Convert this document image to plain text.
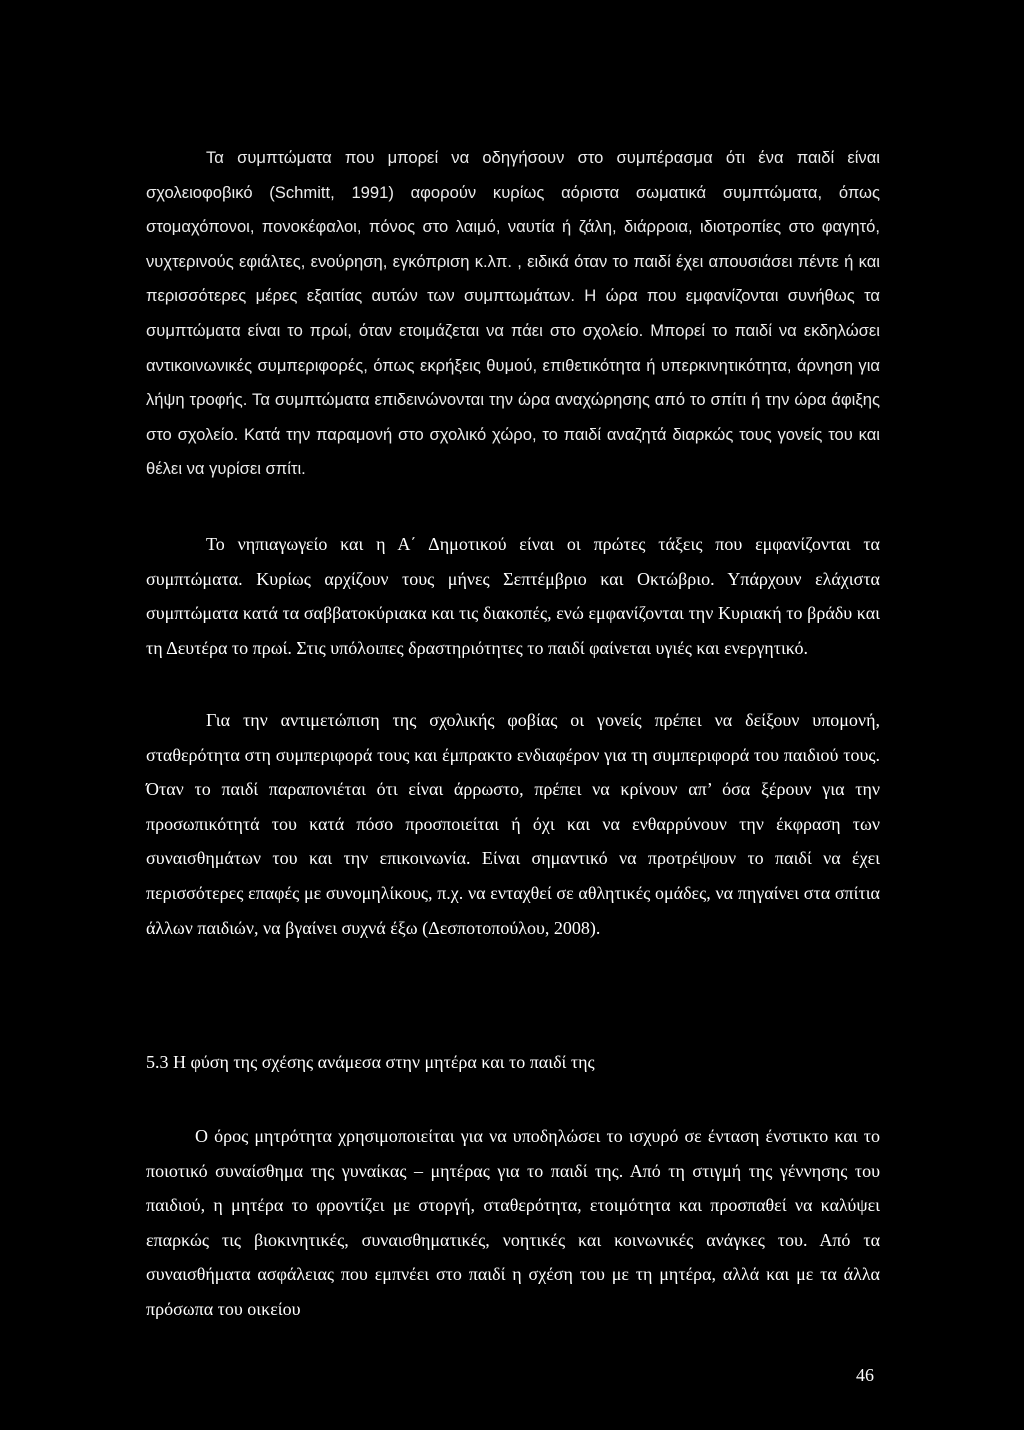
Τα συμπτώματα που μπορεί να οδηγήσουν στο συμπέρασμα ότι ένα παιδί είναι σχολειοφοβικό (Schmitt, 1991) αφορούν κυρίως αόριστα σωματικά συμπτώματα, όπως στομαχόπονοι, πονοκέφαλοι, πόνος στο λαιμό, ναυτία ή ζάλη, διάρροια, ιδιοτροπίες στο φαγητό, νυχτερινούς εφιάλτες, ενούρηση, εγκόπριση κ.λπ. , ειδικά όταν το παιδί έχει απουσιάσει πέντε ή και περισσότερες μέρες εξαιτίας αυτών των συμπτωμάτων. Η ώρα που εμφανίζονται συνήθως τα συμπτώματα είναι το πρωί, όταν ετοιμάζεται να πάει στο σχολείο. Μπορεί το παιδί να εκδηλώσει αντικοινωνικές συμπεριφορές, όπως εκρήξεις θυμού, επιθετικότητα ή υπερκινητικότητα, άρνηση για λήψη τροφής. Τα συμπτώματα επιδεινώνονται την ώρα αναχώρησης από το σπίτι ή την ώρα άφιξης στο σχολείο. Κατά την παραμονή στο σχολικό χώρο, το παιδί αναζητά διαρκώς τους γονείς του και θέλει να γυρίσει σπίτι.

Το νηπιαγωγείο και η Α΄ Δημοτικού είναι οι πρώτες τάξεις που εμφανίζονται τα συμπτώματα. Κυρίως αρχίζουν τους μήνες Σεπτέμβριο και Οκτώβριο. Υπάρχουν ελάχιστα συμπτώματα κατά τα σαββατοκύριακα και τις διακοπές, ενώ εμφανίζονται την Κυριακή το βράδυ και τη Δευτέρα το πρωί. Στις υπόλοιπες δραστηριότητες το παιδί φαίνεται υγιές και ενεργητικό.

Για την αντιμετώπιση της σχολικής φοβίας οι γονείς πρέπει να δείξουν υπομονή, σταθερότητα στη συμπεριφορά τους και έμπρακτο ενδιαφέρον για τη συμπεριφορά του παιδιού τους. Όταν το παιδί παραπονιέται ότι είναι άρρωστο, πρέπει να κρίνουν απ’ όσα ξέρουν για την προσωπικότητά του κατά πόσο προσποιείται ή όχι και να ενθαρρύνουν την έκφραση των συναισθημάτων του και την επικοινωνία. Είναι σημαντικό να προτρέψουν το παιδί να έχει περισσότερες επαφές με συνομηλίκους, π.χ. να ενταχθεί σε αθλητικές ομάδες, να πηγαίνει στα σπίτια άλλων παιδιών, να βγαίνει συχνά έξω (Δεσποτοπούλου, 2008).

5.3 Η φύση της σχέσης ανάμεσα στην μητέρα και το παιδί της

Ο όρος μητρότητα χρησιμοποιείται για να υποδηλώσει το ισχυρό σε ένταση ένστικτο και το ποιοτικό συναίσθημα της γυναίκας – μητέρας για το παιδί της. Από τη στιγμή της γέννησης του παιδιού, η μητέρα το φροντίζει με στοργή, σταθερότητα, ετοιμότητα και προσπαθεί να καλύψει επαρκώς τις βιοκινητικές, συναισθηματικές, νοητικές και κοινωνικές ανάγκες του. Από τα συναισθήματα ασφάλειας που εμπνέει στο παιδί η σχέση του με τη μητέρα, αλλά και με τα άλλα πρόσωπα του οικείου

46
